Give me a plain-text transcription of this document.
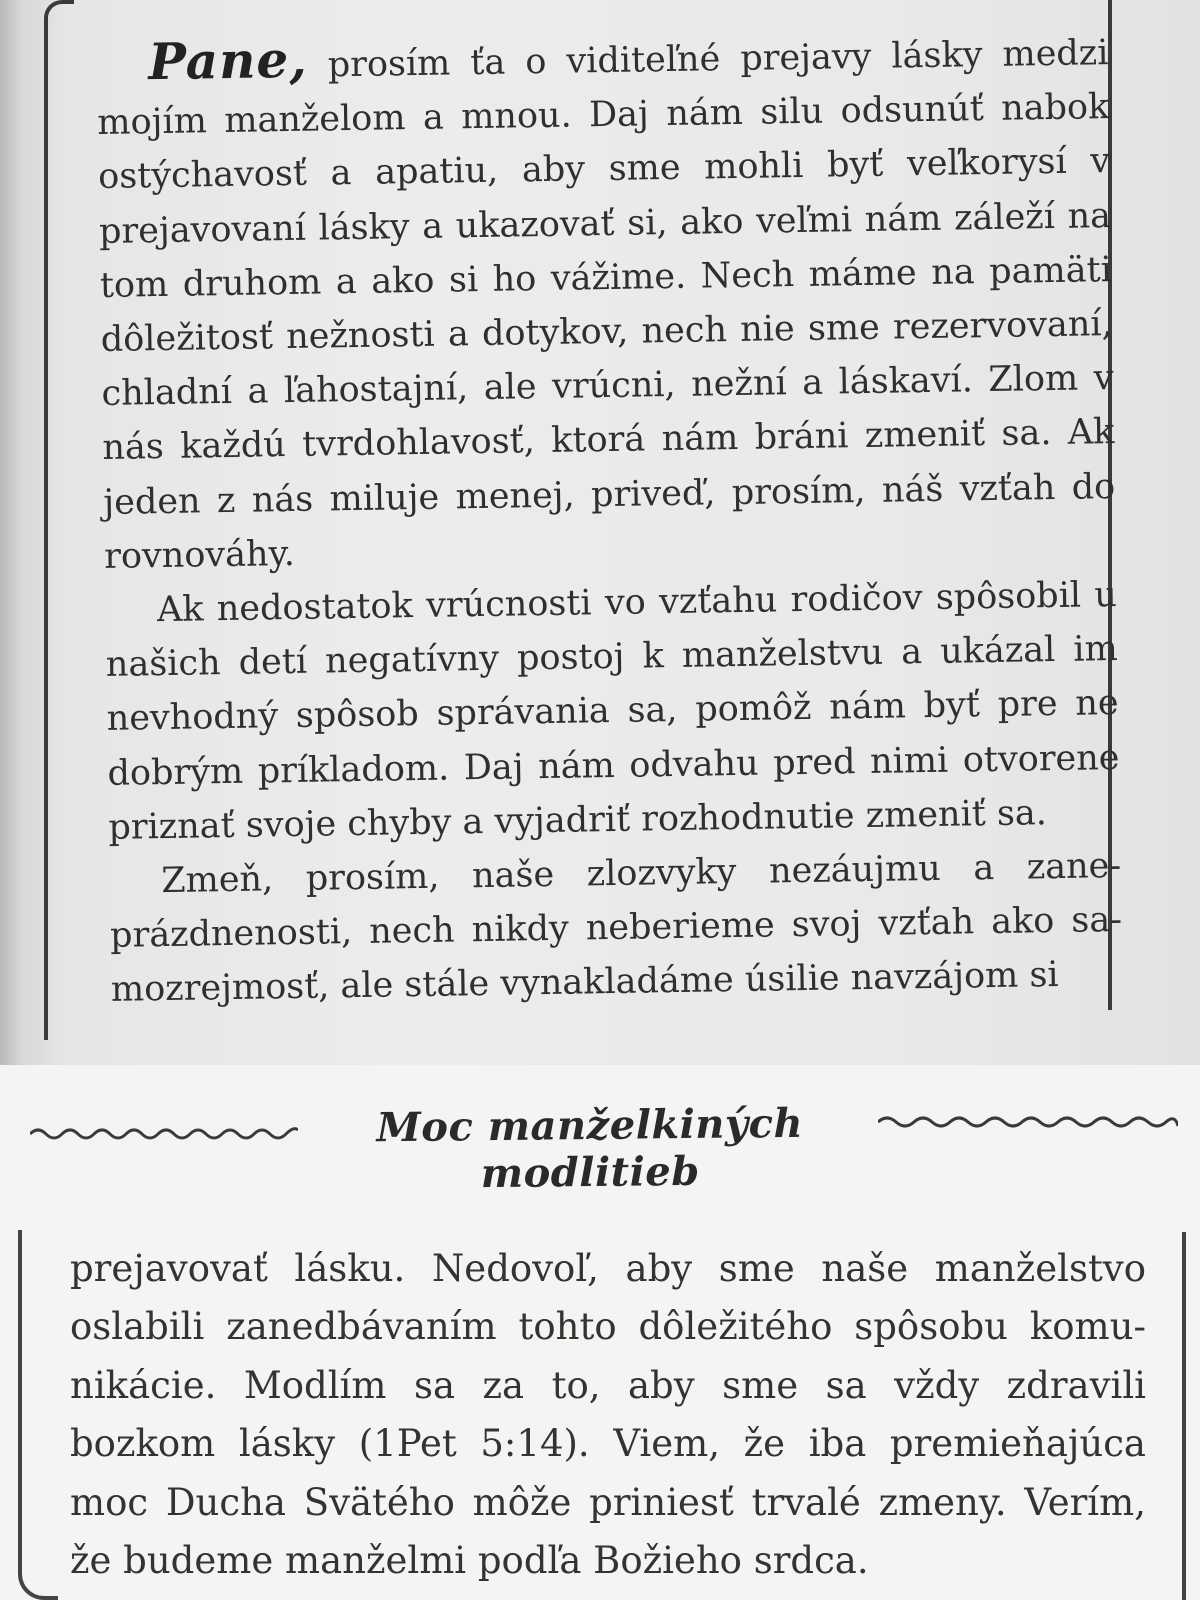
Pane, prosím ťa o viditeľné prejavy lásky medzi mojím manželom a mnou. Daj nám silu odsunúť nabok ostýchavosť a apatiu, aby sme mohli byť veľkorysí v prejavovaní lásky a ukazovať si, ako veľmi nám záleží na tom druhom a ako si ho vážime. Nech máme na pamäti dôležitosť nežnosti a dotykov, nech nie sme rezervovaní, chladní a ľahostajní, ale vrúcni, nežní a láskaví. Zlom v nás každú tvrdohlavosť, ktorá nám bráni zmeniť sa. Ak jeden z nás miluje menej, priveď, prosím, náš vzťah do rovnováhy.

Ak nedostatok vrúcnosti vo vzťahu rodičov spôsobil u našich detí negatívny postoj k manželstvu a ukázal im nevhodný spôsob správania sa, pomôž nám byť pre ne dobrým príkladom. Daj nám odvahu pred nimi otvorene priznať svoje chyby a vyjadriť rozhodnutie zmeniť sa.

Zmeň, prosím, naše zlozvyky nezáujmu a zaneprázdnenosti, nech nikdy neberieme svoj vzťah ako samozrejmosť, ale stále vynakladáme úsilie navzájom si

Moc manželkiných modlitieb

prejavovať lásku. Nedovoľ, aby sme naše manželstvo oslabili zanedbávaním tohto dôležitého spôsobu komunikácie. Modlím sa za to, aby sme sa vždy zdravili bozkom lásky (1Pet 5:14). Viem, že iba premieňajúca moc Ducha Svätého môže priniesť trvalé zmeny. Verím, že budeme manželmi podľa Božieho srdca.
